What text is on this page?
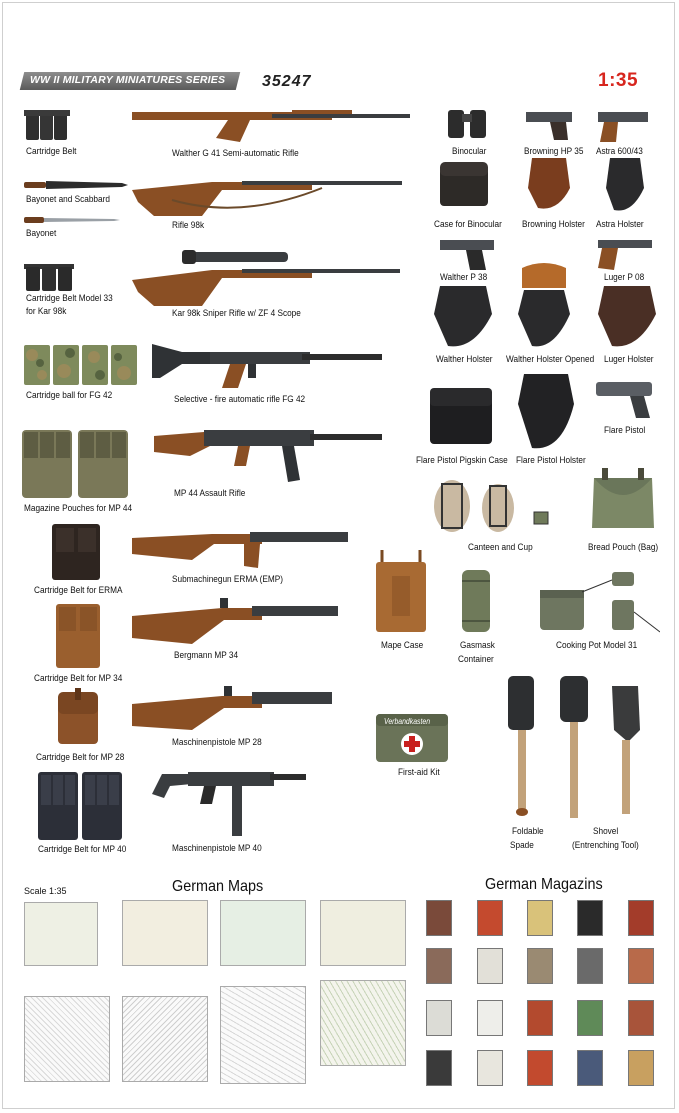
WW II MILITARY MINIATURES SERIES	35247	1:35
Cartridge Belt
Bayonet and Scabbard
Bayonet
Cartridge Belt Model 33
for Kar 98k
Cartridge ball for FG 42
Magazine Pouches for MP 44
Cartridge Belt for ERMA
Cartridge Belt for MP 34
Cartridge Belt for MP 28
Cartridge Belt for MP 40
Walther G 41 Semi-automatic Rifle
Rifle 98k
Kar 98k Sniper Rifle w/ ZF 4 Scope
Selective - fire automatic rifle FG 42
MP 44 Assault Rifle
Submachinegun ERMA (EMP)
Bergmann MP 34
Maschinenpistole MP 28
Maschinenpistole MP 40
Binocular	Browning HP 35 Astra 600/43
Case for Binocular Browning Holster Astra Holster
Walther P 38	Luger P 08
Walther Holster Walther Holster Opened Luger Holster
Flare Pistol
Flare Pistol Pigskin Case Flare Pistol Holster
Canteen and Cup	Bread Pouch (Bag)
Mape Case	Gasmask
Container
Cooking Pot Model 31
Verbandkasten
First-aid Kit
Foldable
Spade
Shovel
(Entrenching Tool)
Scale 1:35	German Maps	German Magazins
